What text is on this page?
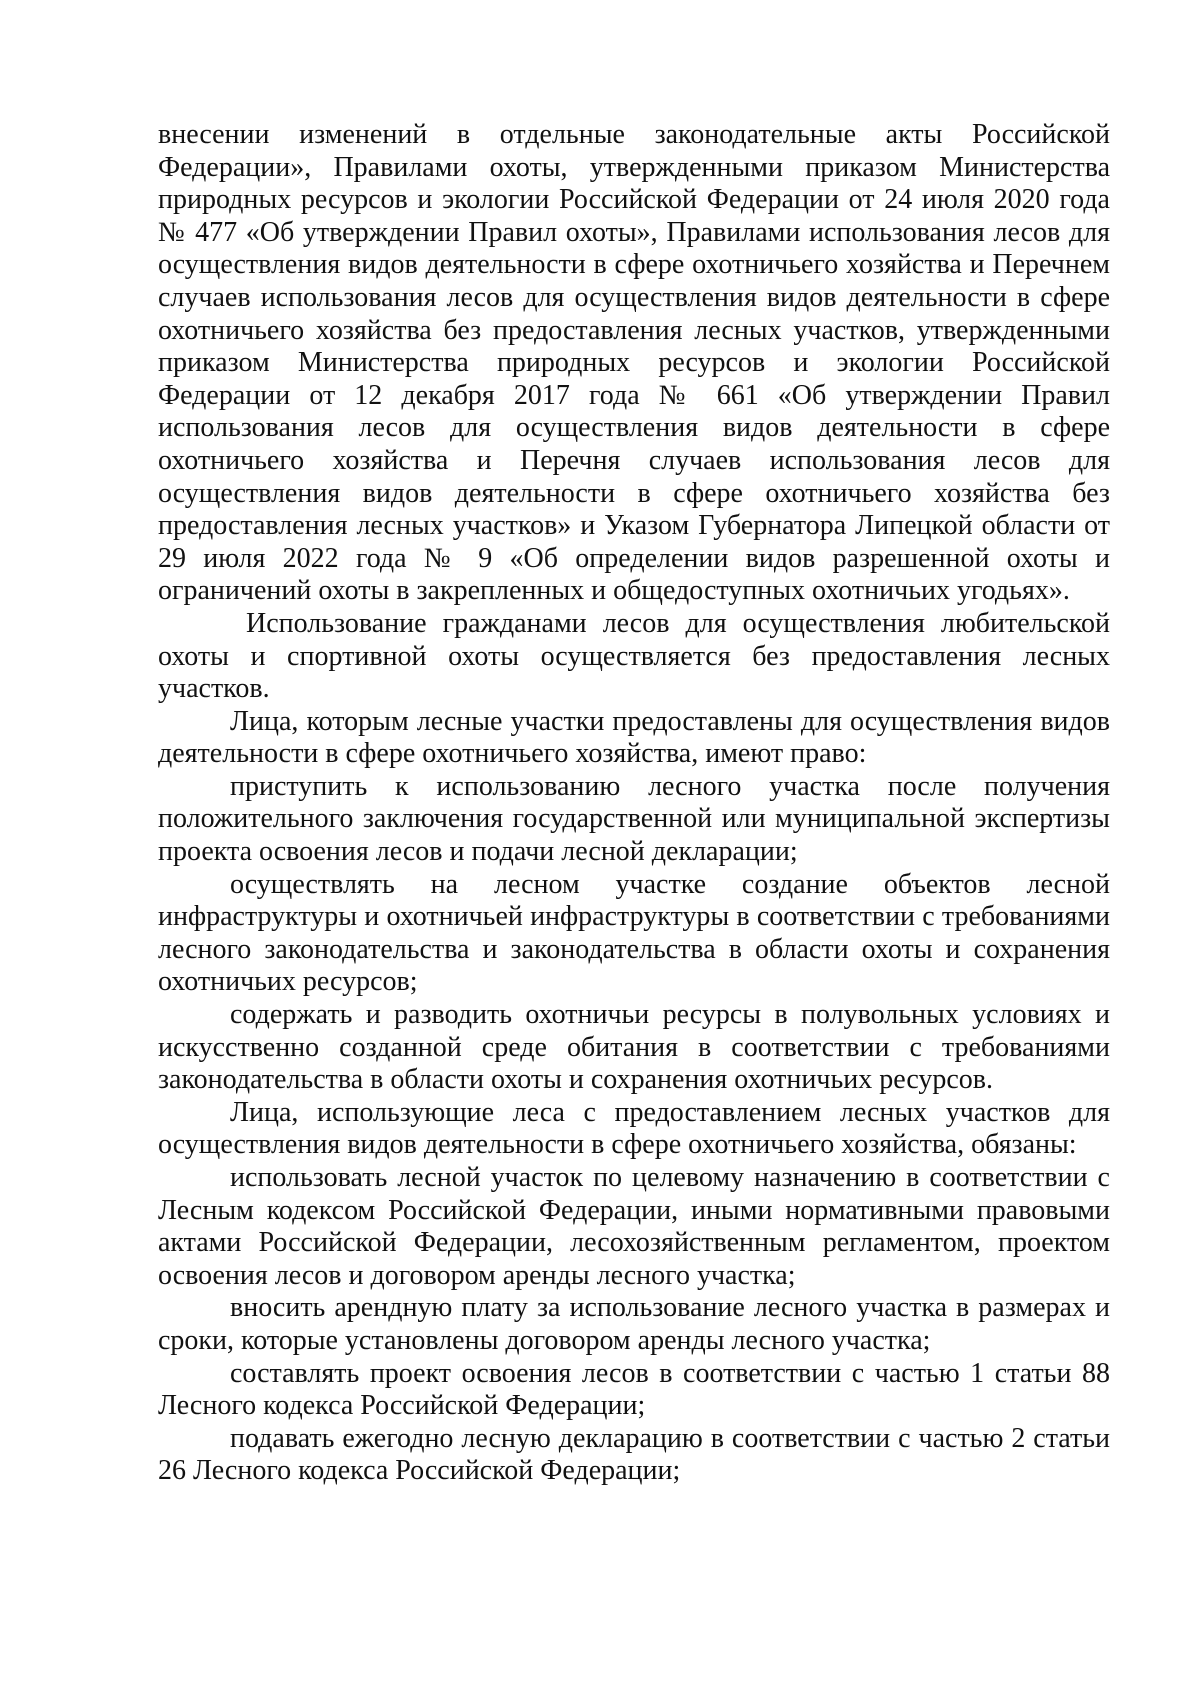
внесении изменений в отдельные законодательные акты Российской Федерации», Правилами охоты, утвержденными приказом Министерства природных ресурсов и экологии Российской Федерации от 24 июля 2020 года № 477 «Об утверждении Правил охоты», Правилами использования лесов для осуществления видов деятельности в сфере охотничьего хозяйства и Перечнем случаев использования лесов для осуществления видов деятельности в сфере охотничьего хозяйства без предоставления лесных участков, утвержденными приказом Министерства природных ресурсов и экологии Российской Федерации от 12 декабря 2017 года № 661 «Об утверждении Правил использования лесов для осуществления видов деятельности в сфере охотничьего хозяйства и Перечня случаев использования лесов для осуществления видов деятельности в сфере охотничьего хозяйства без предоставления лесных участков» и Указом Губернатора Липецкой области от 29 июля 2022 года № 9 «Об определении видов разрешенной охоты и ограничений охоты в закрепленных и общедоступных охотничьих угодьях».

Использование гражданами лесов для осуществления любительской охоты и спортивной охоты осуществляется без предоставления лесных участков.

Лица, которым лесные участки предоставлены для осуществления видов деятельности в сфере охотничьего хозяйства, имеют право:

приступить к использованию лесного участка после получения положительного заключения государственной или муниципальной экспертизы проекта освоения лесов и подачи лесной декларации;

осуществлять на лесном участке создание объектов лесной инфраструктуры и охотничьей инфраструктуры в соответствии с требованиями лесного законодательства и законодательства в области охоты и сохранения охотничьих ресурсов;

содержать и разводить охотничьи ресурсы в полувольных условиях и искусственно созданной среде обитания в соответствии с требованиями законодательства в области охоты и сохранения охотничьих ресурсов.

Лица, использующие леса с предоставлением лесных участков для осуществления видов деятельности в сфере охотничьего хозяйства, обязаны:

использовать лесной участок по целевому назначению в соответствии с Лесным кодексом Российской Федерации, иными нормативными правовыми актами Российской Федерации, лесохозяйственным регламентом, проектом освоения лесов и договором аренды лесного участка;

вносить арендную плату за использование лесного участка в размерах и сроки, которые установлены договором аренды лесного участка;

составлять проект освоения лесов в соответствии с частью 1 статьи 88 Лесного кодекса Российской Федерации;

подавать ежегодно лесную декларацию в соответствии с частью 2 статьи 26 Лесного кодекса Российской Федерации;
